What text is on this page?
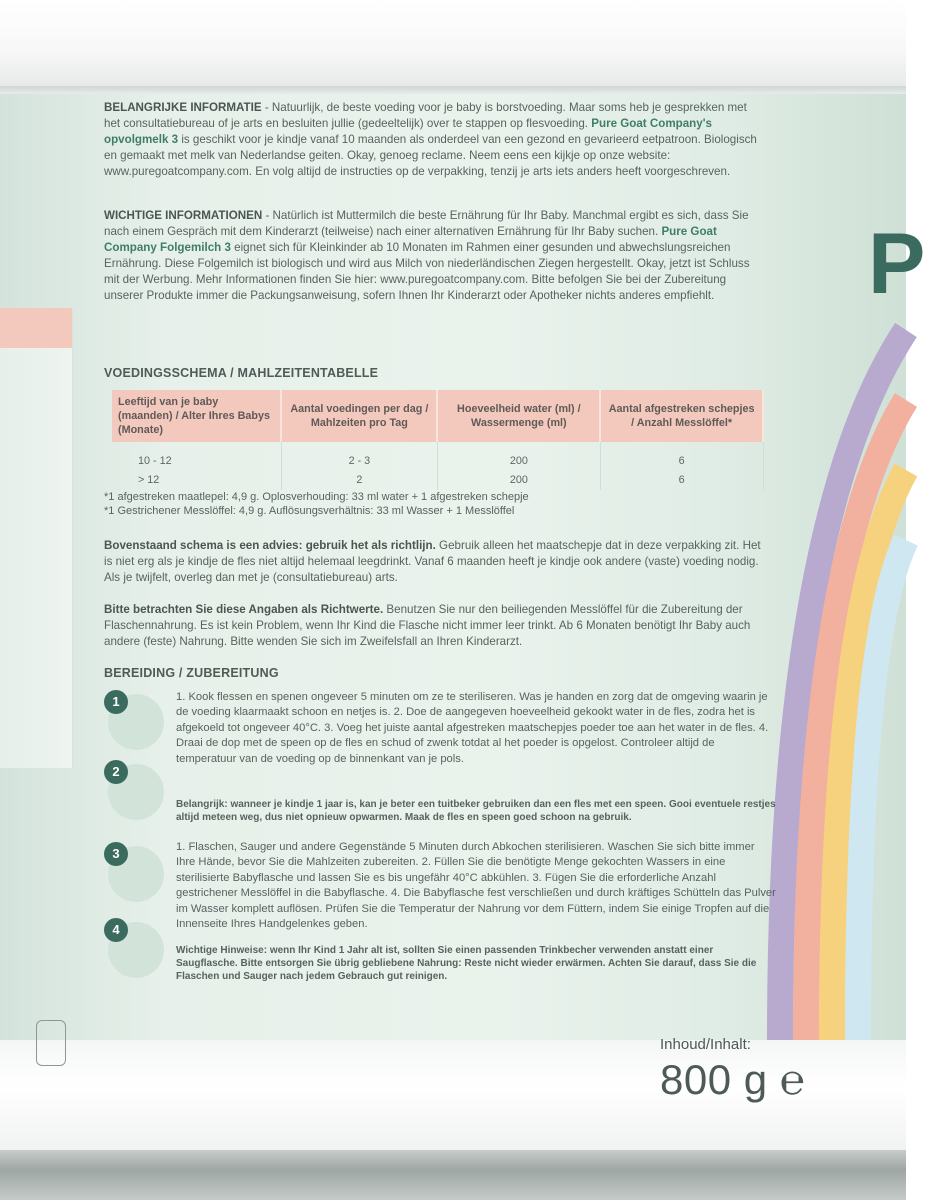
P
BELANGRIJKE INFORMATIE - Natuurlijk, de beste voeding voor je baby is borstvoeding. Maar soms heb je gesprekken met het consultatiebureau of je arts en besluiten jullie (gedeeltelijk) over te stappen op flesvoeding. Pure Goat Company's opvolgmelk 3 is geschikt voor je kindje vanaf 10 maanden als onderdeel van een gezond en gevarieerd eetpatroon. Biologisch en gemaakt met melk van Nederlandse geiten. Okay, genoeg reclame. Neem eens een kijkje op onze website: www.puregoatcompany.com. En volg altijd de instructies op de verpakking, tenzij je arts iets anders heeft voorgeschreven.
WICHTIGE INFORMATIONEN - Natürlich ist Muttermilch die beste Ernährung für Ihr Baby. Manchmal ergibt es sich, dass Sie nach einem Gespräch mit dem Kinderarzt (teilweise) nach einer alternativen Ernährung für Ihr Baby suchen. Pure Goat Company Folgemilch 3 eignet sich für Kleinkinder ab 10 Monaten im Rahmen einer gesunden und abwechslungsreichen Ernährung. Diese Folgemilch ist biologisch und wird aus Milch von niederländischen Ziegen hergestellt. Okay, jetzt ist Schluss mit der Werbung. Mehr Informationen finden Sie hier: www.puregoatcompany.com. Bitte befolgen Sie bei der Zubereitung unserer Produkte immer die Packungsanweisung, sofern Ihnen Ihr Kinderarzt oder Apotheker nichts anderes empfiehlt.
VOEDINGSSCHEMA / MAHLZEITENTABELLE
Leeftijd van je baby (maanden) / Alter Ihres Babys (Monate)	Aantal voedingen per dag / Mahlzeiten pro Tag	Hoeveelheid water (ml) / Wassermenge (ml)	Aantal afgestreken schepjes / Anzahl Messlöffel*
10 - 12	2 - 3	200	6
> 12	2	200	6
*1 afgestreken maatlepel: 4,9 g. Oplosverhouding: 33 ml water + 1 afgestreken schepje
*1 Gestrichener Messlöffel: 4,9 g. Auflösungsverhältnis: 33 ml Wasser + 1 Messlöffel
Bovenstaand schema is een advies: gebruik het als richtlijn. Gebruik alleen het maatschepje dat in deze verpakking zit. Het is niet erg als je kindje de fles niet altijd helemaal leegdrinkt. Vanaf 6 maanden heeft je kindje ook andere (vaste) voeding nodig. Als je twijfelt, overleg dan met je (consultatiebureau) arts.
Bitte betrachten Sie diese Angaben als Richtwerte. Benutzen Sie nur den beiliegenden Messlöffel für die Zubereitung der Flaschennahrung. Es ist kein Problem, wenn Ihr Kind die Flasche nicht immer leer trinkt. Ab 6 Monaten benötigt Ihr Baby auch andere (feste) Nahrung. Bitte wenden Sie sich im Zweifelsfall an Ihren Kinderarzt.
BEREIDING / ZUBEREITUNG
1
2
3
4
1. Kook flessen en spenen ongeveer 5 minuten om ze te steriliseren. Was je handen en zorg dat de omgeving waarin je de voeding klaarmaakt schoon en netjes is. 2. Doe de aangegeven hoeveelheid gekookt water in de fles, zodra het is afgekoeld tot ongeveer 40°C. 3. Voeg het juiste aantal afgestreken maatschepjes poeder toe aan het water in de fles. 4. Draai de dop met de speen op de fles en schud of zwenk totdat al het poeder is opgelost. Controleer altijd de temperatuur van de voeding op de binnenkant van je pols.
Belangrijk: wanneer je kindje 1 jaar is, kan je beter een tuitbeker gebruiken dan een fles met een speen. Gooi eventuele restjes altijd meteen weg, dus niet opnieuw opwarmen. Maak de fles en speen goed schoon na gebruik.
1. Flaschen, Sauger und andere Gegenstände 5 Minuten durch Abkochen sterilisieren. Waschen Sie sich bitte immer Ihre Hände, bevor Sie die Mahlzeiten zubereiten. 2. Füllen Sie die benötigte Menge gekochten Wassers in eine sterilisierte Babyflasche und lassen Sie es bis ungefähr 40°C abkühlen. 3. Fügen Sie die erforderliche Anzahl gestrichener Messlöffel in die Babyflasche. 4. Die Babyflasche fest verschließen und durch kräftiges Schütteln das Pulver im Wasser komplett auflösen. Prüfen Sie die Temperatur der Nahrung vor dem Füttern, indem Sie einige Tropfen auf die Innenseite Ihres Handgelenkes geben.
Wichtige Hinweise: wenn Ihr Kind 1 Jahr alt ist, sollten Sie einen passenden Trinkbecher verwenden anstatt einer Saugflasche. Bitte entsorgen Sie übrig gebliebene Nahrung: Reste nicht wieder erwärmen. Achten Sie darauf, dass Sie die Flaschen und Sauger nach jedem Gebrauch gut reinigen.
Inhoud/Inhalt:
800 g ℮
